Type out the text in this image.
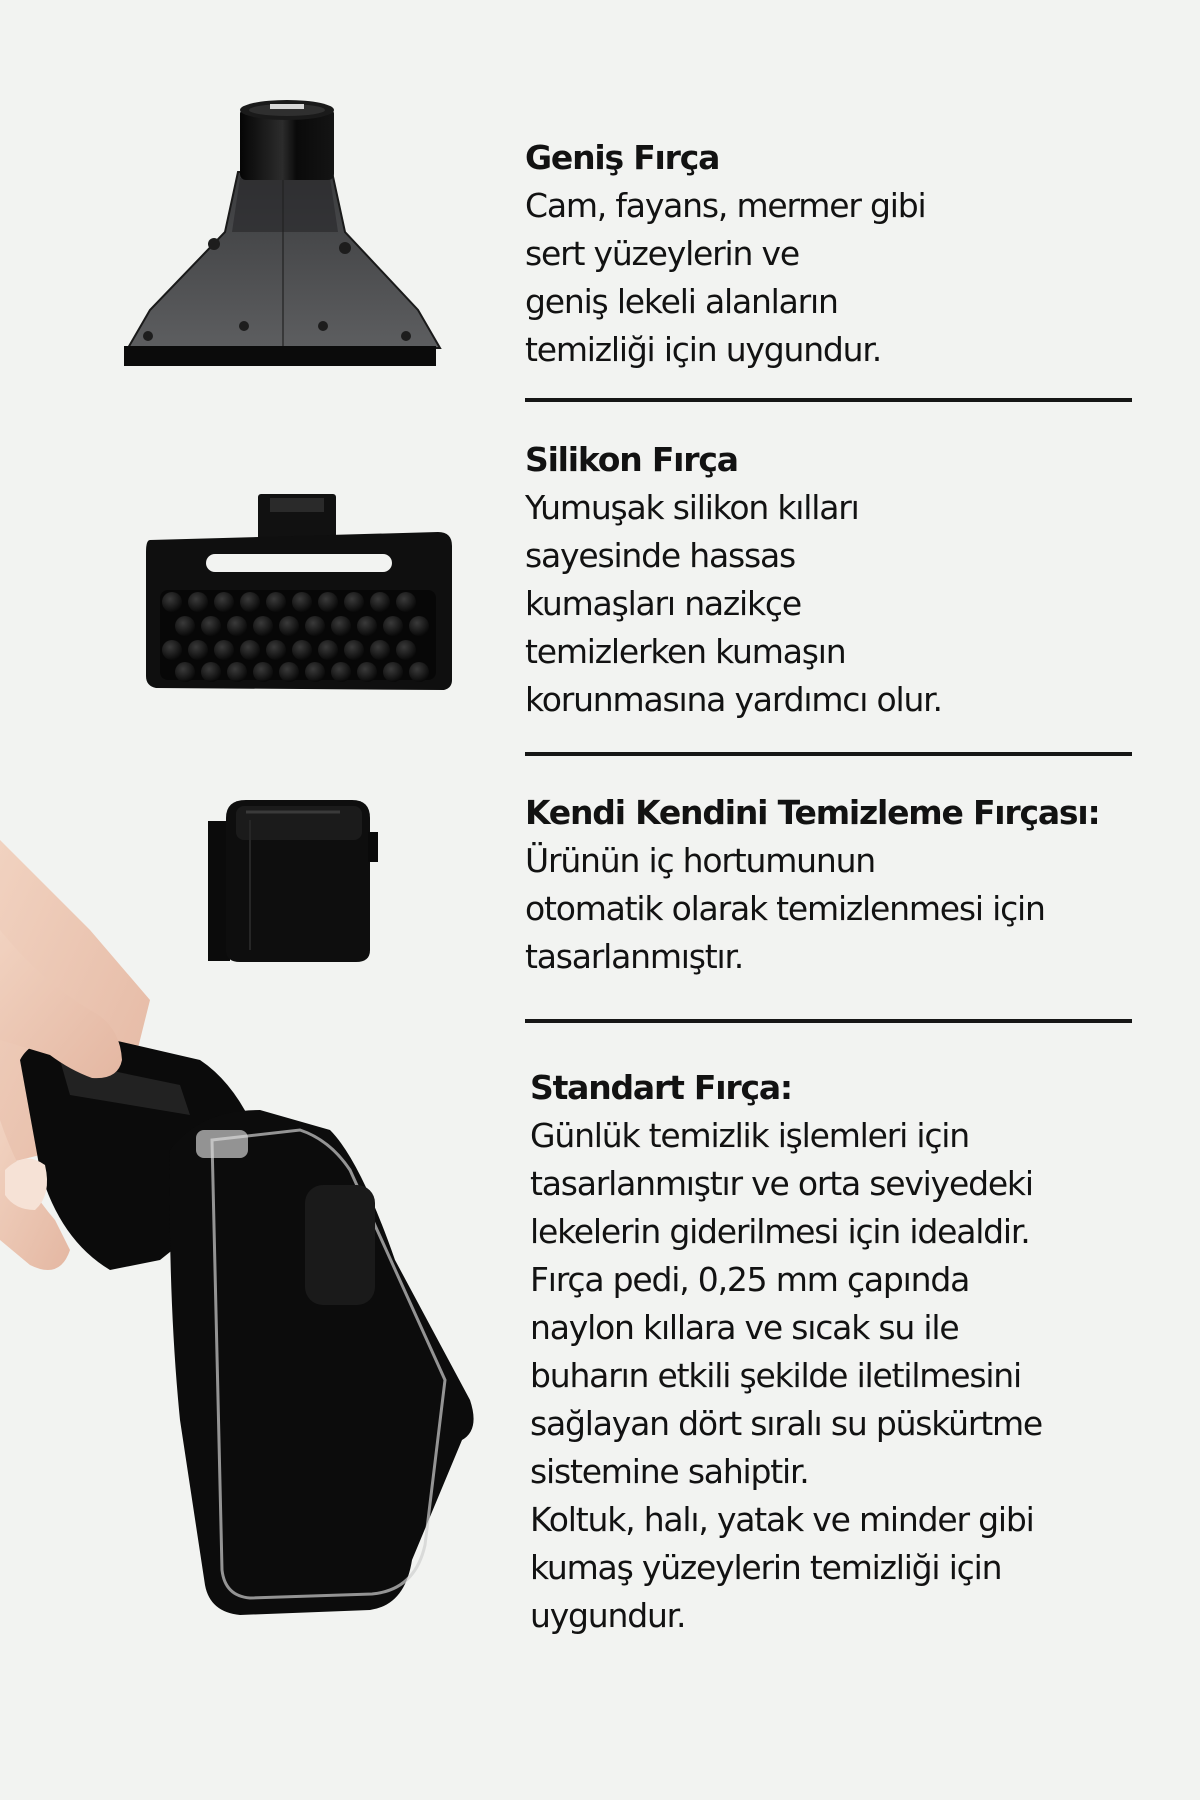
Geniş Fırça

Cam, fayans, mermer gibi
sert yüzeylerin ve
geniş lekeli alanların
temizliği için uygundur.

Silikon Fırça

Yumuşak silikon kılları
sayesinde hassas
kumaşları nazikçe
temizlerken kumaşın
korunmasına yardımcı olur.

Kendi Kendini Temizleme Fırçası:

Ürünün iç hortumunun
otomatik olarak temizlenmesi için
tasarlanmıştır.

Standart Fırça:

Günlük temizlik işlemleri için
tasarlanmıştır ve orta seviyedeki
lekelerin giderilmesi için idealdir.
Fırça pedi, 0,25 mm çapında
naylon kıllara ve sıcak su ile
buharın etkili şekilde iletilmesini
sağlayan dört sıralı su püskürtme
sistemine sahiptir.
Koltuk, halı, yatak ve minder gibi
kumaş yüzeylerin temizliği için
uygundur.
